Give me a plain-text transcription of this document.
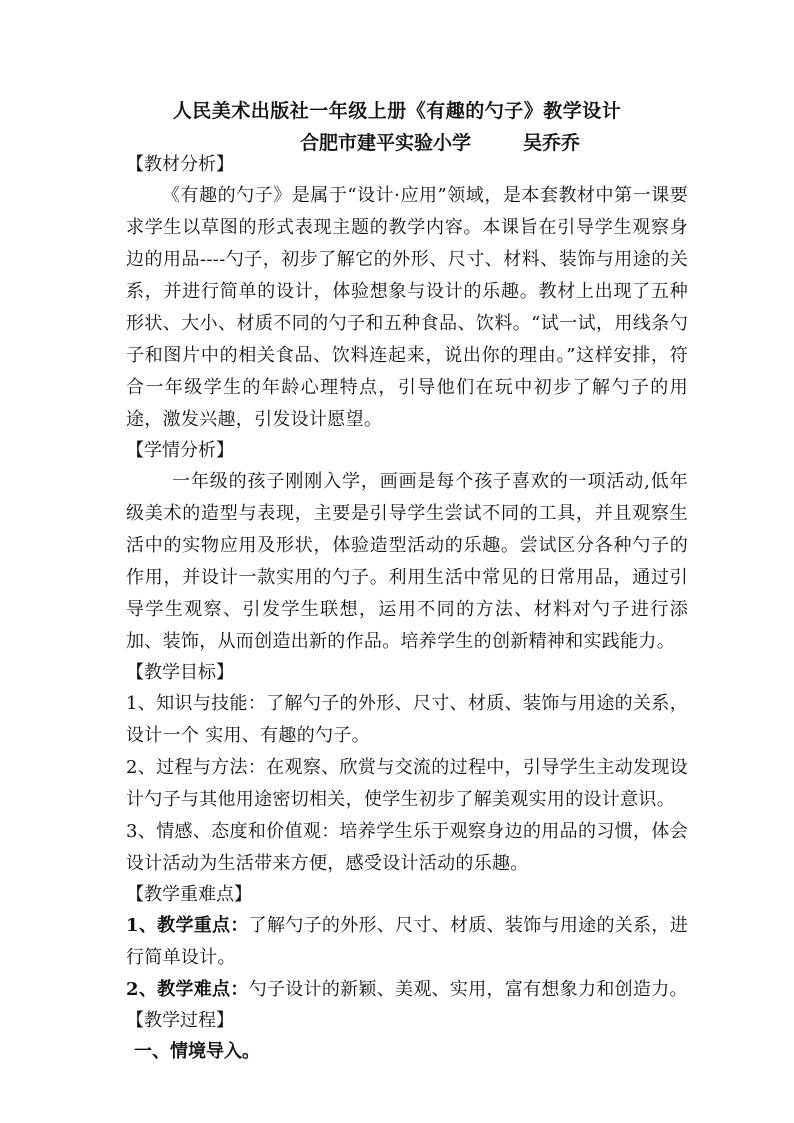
人民美术出版社一年级上册《有趣的勺子》教学设计

合肥市建平实验小学	吴乔乔

【教材分析】

《有趣的勺子》是属于“设计·应用”领域，是本套教材中第一课要求学生以草图的形式表现主题的教学内容。本课旨在引导学生观察身边的用品----勺子，初步了解它的外形、尺寸、材料、装饰与用途的关系，并进行简单的设计，体验想象与设计的乐趣。教材上出现了五种形状、大小、材质不同的勺子和五种食品、饮料。“试一试，用线条勺子和图片中的相关食品、饮料连起来，说出你的理由。”这样安排，符合一年级学生的年龄心理特点，引导他们在玩中初步了解勺子的用途，激发兴趣，引发设计愿望。

【学情分析】

一年级的孩子刚刚入学，画画是每个孩子喜欢的一项活动,低年级美术的造型与表现，主要是引导学生尝试不同的工具，并且观察生活中的实物应用及形状，体验造型活动的乐趣。尝试区分各种勺子的作用，并设计一款实用的勺子。利用生活中常见的日常用品，通过引导学生观察、引发学生联想，运用不同的方法、材料对勺子进行添加、装饰，从而创造出新的作品。培养学生的创新精神和实践能力。

【教学目标】

1、知识与技能：了解勺子的外形、尺寸、材质、装饰与用途的关系，设计一个 实用、有趣的勺子。

2、过程与方法：在观察、欣赏与交流的过程中，引导学生主动发现设计勺子与其他用途密切相关，使学生初步了解美观实用的设计意识。

3、情感、态度和价值观：培养学生乐于观察身边的用品的习惯，体会设计活动为生活带来方便，感受设计活动的乐趣。

【教学重难点】

1、教学重点：了解勺子的外形、尺寸、材质、装饰与用途的关系，进行简单设计。

2、教学难点：勺子设计的新颖、美观、实用，富有想象力和创造力。

【教学过程】

一、情境导入。
